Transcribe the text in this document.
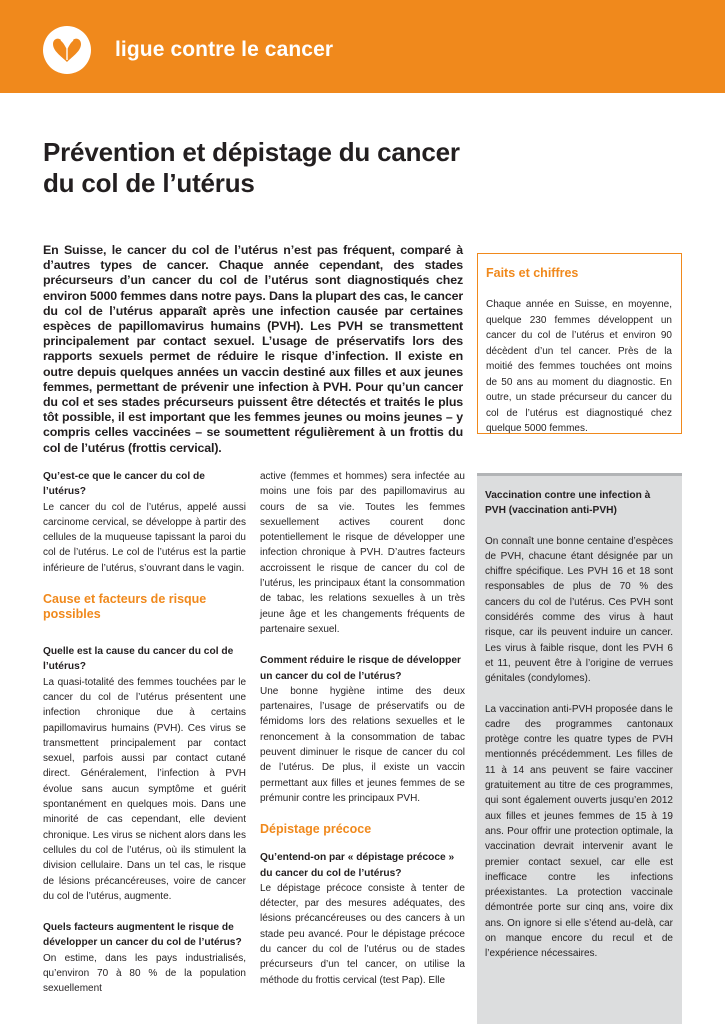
ligue contre le cancer
Prévention et dépistage du cancer
du col de l’utérus
En Suisse, le cancer du col de l’utérus n’est pas fréquent, comparé à d’autres types de cancer. Chaque année cependant, des stades précurseurs d’un cancer du col de l’utérus sont diagnostiqués chez environ 5000 femmes dans notre pays. Dans la plupart des cas, le cancer du col de l’utérus apparaît après une infection causée par certaines espèces de papillomavirus humains (PVH). Les PVH se transmettent principalement par contact sexuel. L’usage de préservatifs lors des rapports sexuels permet de réduire le risque d’infection. Il existe en outre depuis quelques années un vaccin destiné aux filles et aux jeunes femmes, permettant de prévenir une infection à PVH. Pour qu’un cancer du col et ses stades précurseurs puissent être détectés et traités le plus tôt possible, il est important que les femmes jeunes ou moins jeunes – y compris celles vaccinées – se soumettent régulièrement à un frottis du col de l’utérus (frottis cervical).
Faits et chiffres

Chaque année en Suisse, en moyenne, quelque 230 femmes développent un cancer du col de l’utérus et environ 90 décèdent d’un tel cancer. Près de la moitié des femmes touchées ont moins de 50 ans au moment du diagnostic. En outre, un stade précurseur du cancer du col de l’utérus est diagnostiqué chez quelque 5000 femmes.

Qu’est-ce que le cancer du col de l’utérus?

Le cancer du col de l’utérus, appelé aussi carcinome cervical, se développe à partir des cellules de la muqueuse tapissant la paroi du col de l’utérus. Le col de l’utérus est la partie inférieure de l’utérus, s’ouvrant dans le vagin.

Cause et facteurs de risque possibles
Quelle est la cause du cancer du col de l’utérus?

La quasi-totalité des femmes touchées par le cancer du col de l’utérus présentent une infection chronique due à certains papillomavirus humains (PVH). Ces virus se transmettent principalement par contact sexuel, parfois aussi par contact cutané direct. Généralement, l’infection à PVH évolue sans aucun symptôme et guérit spontanément en quelques mois. Dans une minorité de cas cependant, elle devient chronique. Les virus se nichent alors dans les cellules du col de l’utérus, où ils stimulent la division cellulaire. Dans un tel cas, le risque de lésions précancéreuses, voire de cancer du col de l’utérus, augmente.

Quels facteurs augmentent le risque de développer un cancer du col de l’utérus?

On estime, dans les pays industrialisés, qu’environ 70 à 80 % de la population sexuellement

active (femmes et hommes) sera infectée au moins une fois par des papillomavirus au cours de sa vie. Toutes les femmes sexuellement actives courent donc potentiellement le risque de développer une infection chronique à PVH. D’autres facteurs accroissent le risque de cancer du col de l’utérus, les principaux étant la consommation de tabac, les relations sexuelles à un très jeune âge et les changements fréquents de partenaire sexuel.

Comment réduire le risque de développer un cancer du col de l’utérus?

Une bonne hygiène intime des deux partenaires, l’usage de préservatifs ou de fémidoms lors des relations sexuelles et le renoncement à la consommation de tabac peuvent diminuer le risque de cancer du col de l’utérus. De plus, il existe un vaccin permettant aux filles et jeunes femmes de se prémunir contre les principaux PVH.

Dépistage précoce
Qu’entend-on par « dépistage précoce » du cancer du col de l’utérus?

Le dépistage précoce consiste à tenter de détecter, par des mesures adéquates, des lésions précancéreuses ou des cancers à un stade peu avancé. Pour le dépistage précoce du cancer du col de l’utérus ou de stades précurseurs d’un tel cancer, on utilise la méthode du frottis cervical (test Pap). Elle

Vaccination contre une infection à PVH (vaccination anti-PVH)

On connaît une bonne centaine d’espèces de PVH, chacune étant désignée par un chiffre spécifique. Les PVH 16 et 18 sont responsables de plus de 70 % des cancers du col de l’utérus. Ces PVH sont considérés comme des virus à haut risque, car ils peuvent induire un cancer. Les virus à faible risque, dont les PVH 6 et 11, peuvent être à l’origine de verrues génitales (condylomes).

La vaccination anti-PVH proposée dans le cadre des programmes cantonaux protège contre les quatre types de PVH mentionnés précédemment. Les filles de 11 à 14 ans peuvent se faire vacciner gratuitement au titre de ces programmes, qui sont également ouverts jusqu’en 2012 aux filles et jeunes femmes de 15 à 19 ans. Pour offrir une protection optimale, la vaccination devrait intervenir avant le premier contact sexuel, car elle est inefficace contre les infections préexistantes. La protection vaccinale démontrée porte sur cinq ans, voire dix ans. On ignore si elle s’étend au-delà, car on manque encore du recul et de l’expérience nécessaires.
